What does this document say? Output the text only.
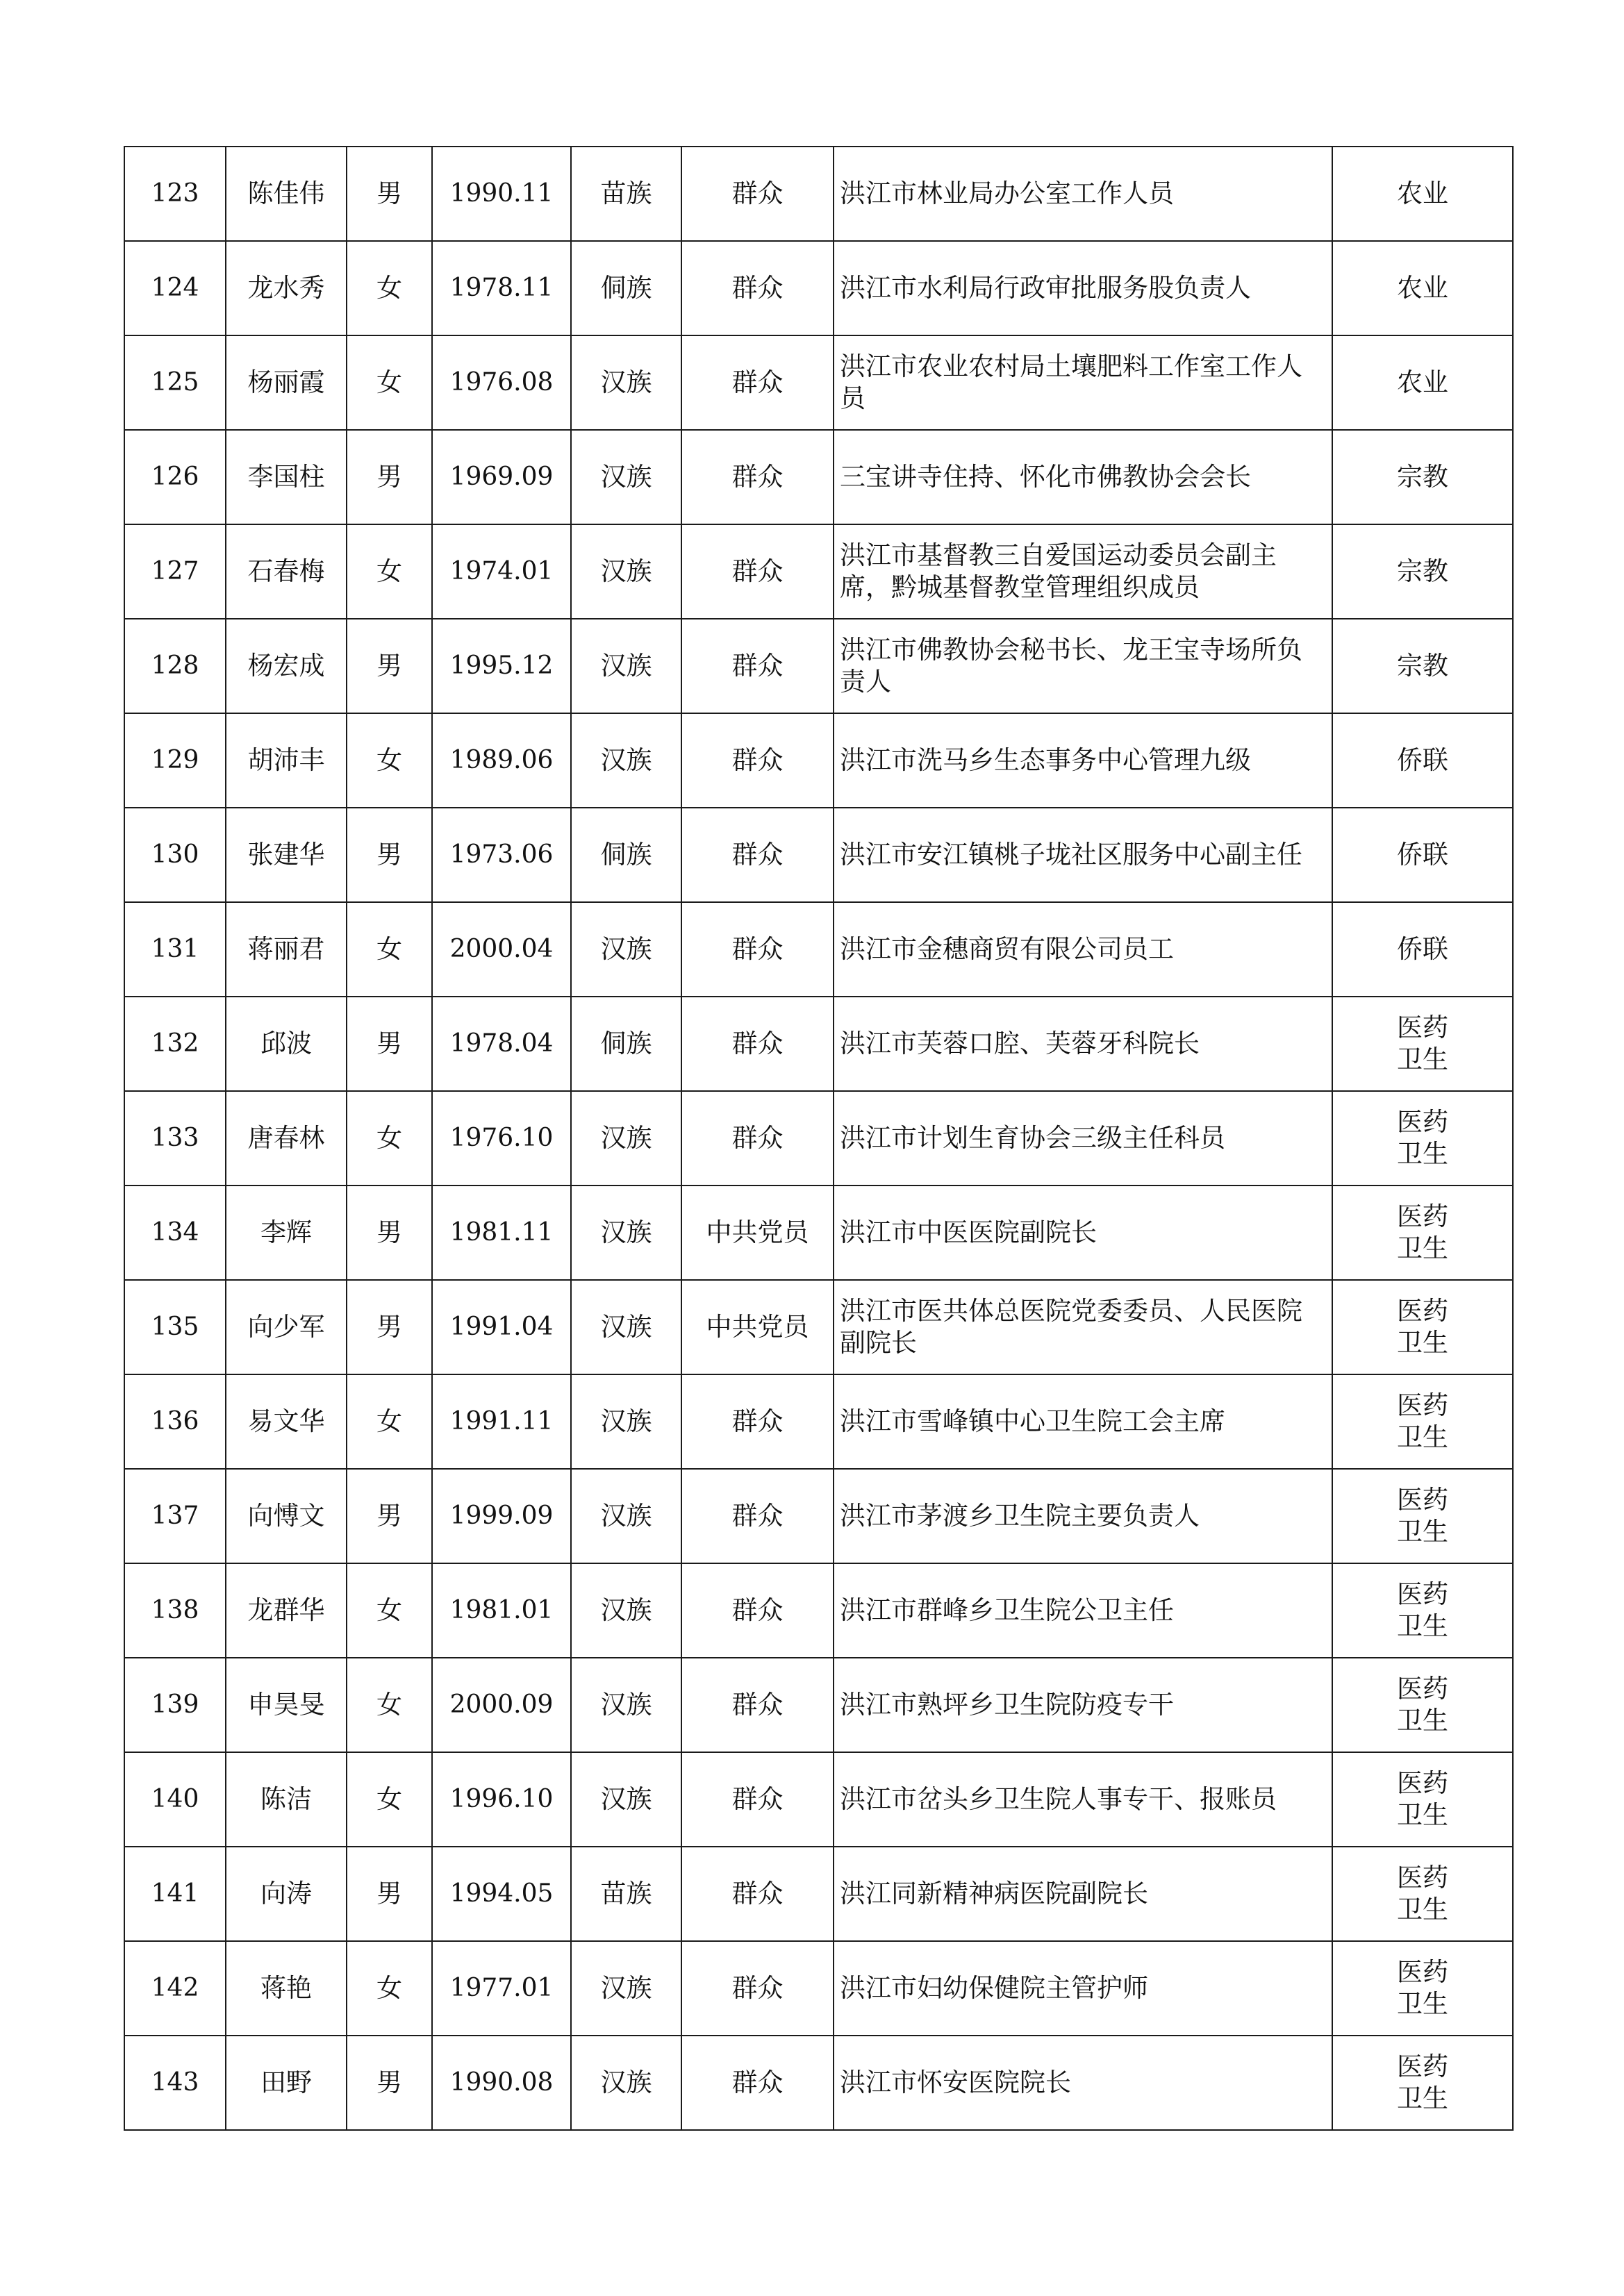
123	陈佳伟	男	1990.11	苗族	群众	洪江市林业局办公室工作人员	农业
124	龙水秀	女	1978.11	侗族	群众	洪江市水利局行政审批服务股负责人	农业
125	杨丽霞	女	1976.08	汉族	群众	洪江市农业农村局土壤肥料工作室工作人员	农业
126	李国柱	男	1969.09	汉族	群众	三宝讲寺住持、怀化市佛教协会会长	宗教
127	石春梅	女	1974.01	汉族	群众	洪江市基督教三自爱国运动委员会副主席，黔城基督教堂管理组织成员	宗教
128	杨宏成	男	1995.12	汉族	群众	洪江市佛教协会秘书长、龙王宝寺场所负责人	宗教
129	胡沛丰	女	1989.06	汉族	群众	洪江市洗马乡生态事务中心管理九级	侨联
130	张建华	男	1973.06	侗族	群众	洪江市安江镇桃子垅社区服务中心副主任	侨联
131	蒋丽君	女	2000.04	汉族	群众	洪江市金穗商贸有限公司员工	侨联
132	邱波	男	1978.04	侗族	群众	洪江市芙蓉口腔、芙蓉牙科院长	医药卫生
133	唐春林	女	1976.10	汉族	群众	洪江市计划生育协会三级主任科员	医药卫生
134	李辉	男	1981.11	汉族	中共党员	洪江市中医医院副院长	医药卫生
135	向少军	男	1991.04	汉族	中共党员	洪江市医共体总医院党委委员、人民医院副院长	医药卫生
136	易文华	女	1991.11	汉族	群众	洪江市雪峰镇中心卫生院工会主席	医药卫生
137	向愽文	男	1999.09	汉族	群众	洪江市茅渡乡卫生院主要负责人	医药卫生
138	龙群华	女	1981.01	汉族	群众	洪江市群峰乡卫生院公卫主任	医药卫生
139	申昊旻	女	2000.09	汉族	群众	洪江市熟坪乡卫生院防疫专干	医药卫生
140	陈洁	女	1996.10	汉族	群众	洪江市岔头乡卫生院人事专干、报账员	医药卫生
141	向涛	男	1994.05	苗族	群众	洪江同新精神病医院副院长	医药卫生
142	蒋艳	女	1977.01	汉族	群众	洪江市妇幼保健院主管护师	医药卫生
143	田野	男	1990.08	汉族	群众	洪江市怀安医院院长	医药卫生
